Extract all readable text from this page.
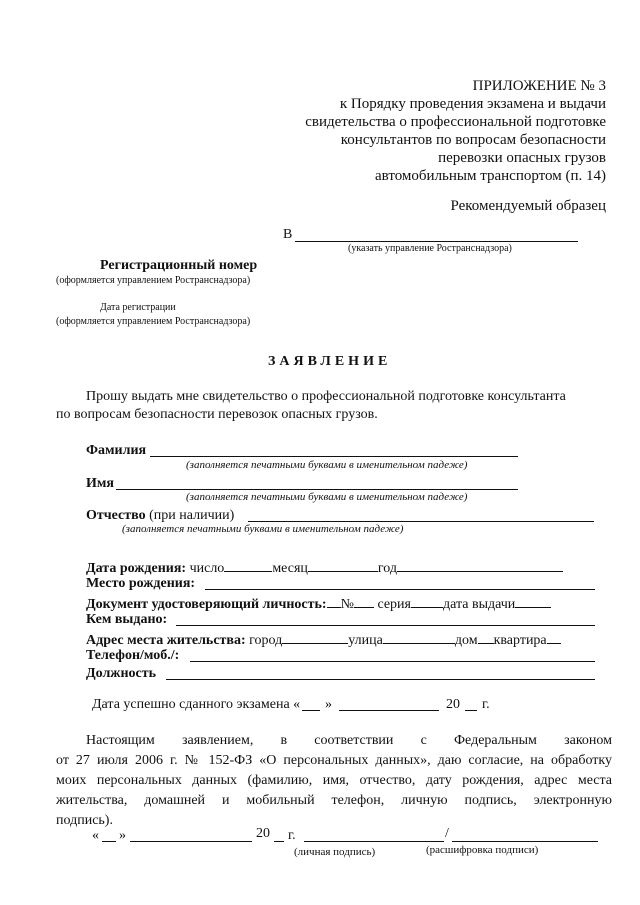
ПРИЛОЖЕНИЕ № 3
к Порядку проведения экзамена и выдачи
свидетельства о профессиональной подготовке
консультантов по вопросам безопасности
перевозки опасных грузов
автомобильным транспортом (п. 14)
Рекомендуемый образец
В
(указать управление Ространснадзора)
Регистрационный номер
(оформляется управлением Ространснадзора)
Дата регистрации
(оформляется управлением Ространснадзора)
ЗАЯВЛЕНИЕ
Прошу выдать мне свидетельство о профессиональной подготовке консультанта
по вопросам безопасности перевозок опасных грузов.
Фамилия
(заполняется печатными буквами в именительном падеже)
Имя
(заполняется печатными буквами в именительном падеже)
Отчество (при наличии)
(заполняется печатными буквами в именительном падеже)
Дата рождения: число	месяц	год
Место рождения:
Документ удостоверяющий личность: № серия дата выдачи
Кем выдано:
Адрес места жительства: город	улица	дом квартира
Телефон/моб./:
Должность
Дата успешно сданного экзамена « »	20 г.
Настоящим заявлением, в соответствии с Федеральным законом
от 27 июля 2006 г. № 152-ФЗ «О персональных данных», даю согласие, на обработку
моих персональных данных (фамилию, имя, отчество, дату рождения, адрес места
жительства, домашней и мобильный телефон, личную подпись, электронную
подпись).
« »	20 г.	/
(личная подпись)	(расшифровка подписи)
